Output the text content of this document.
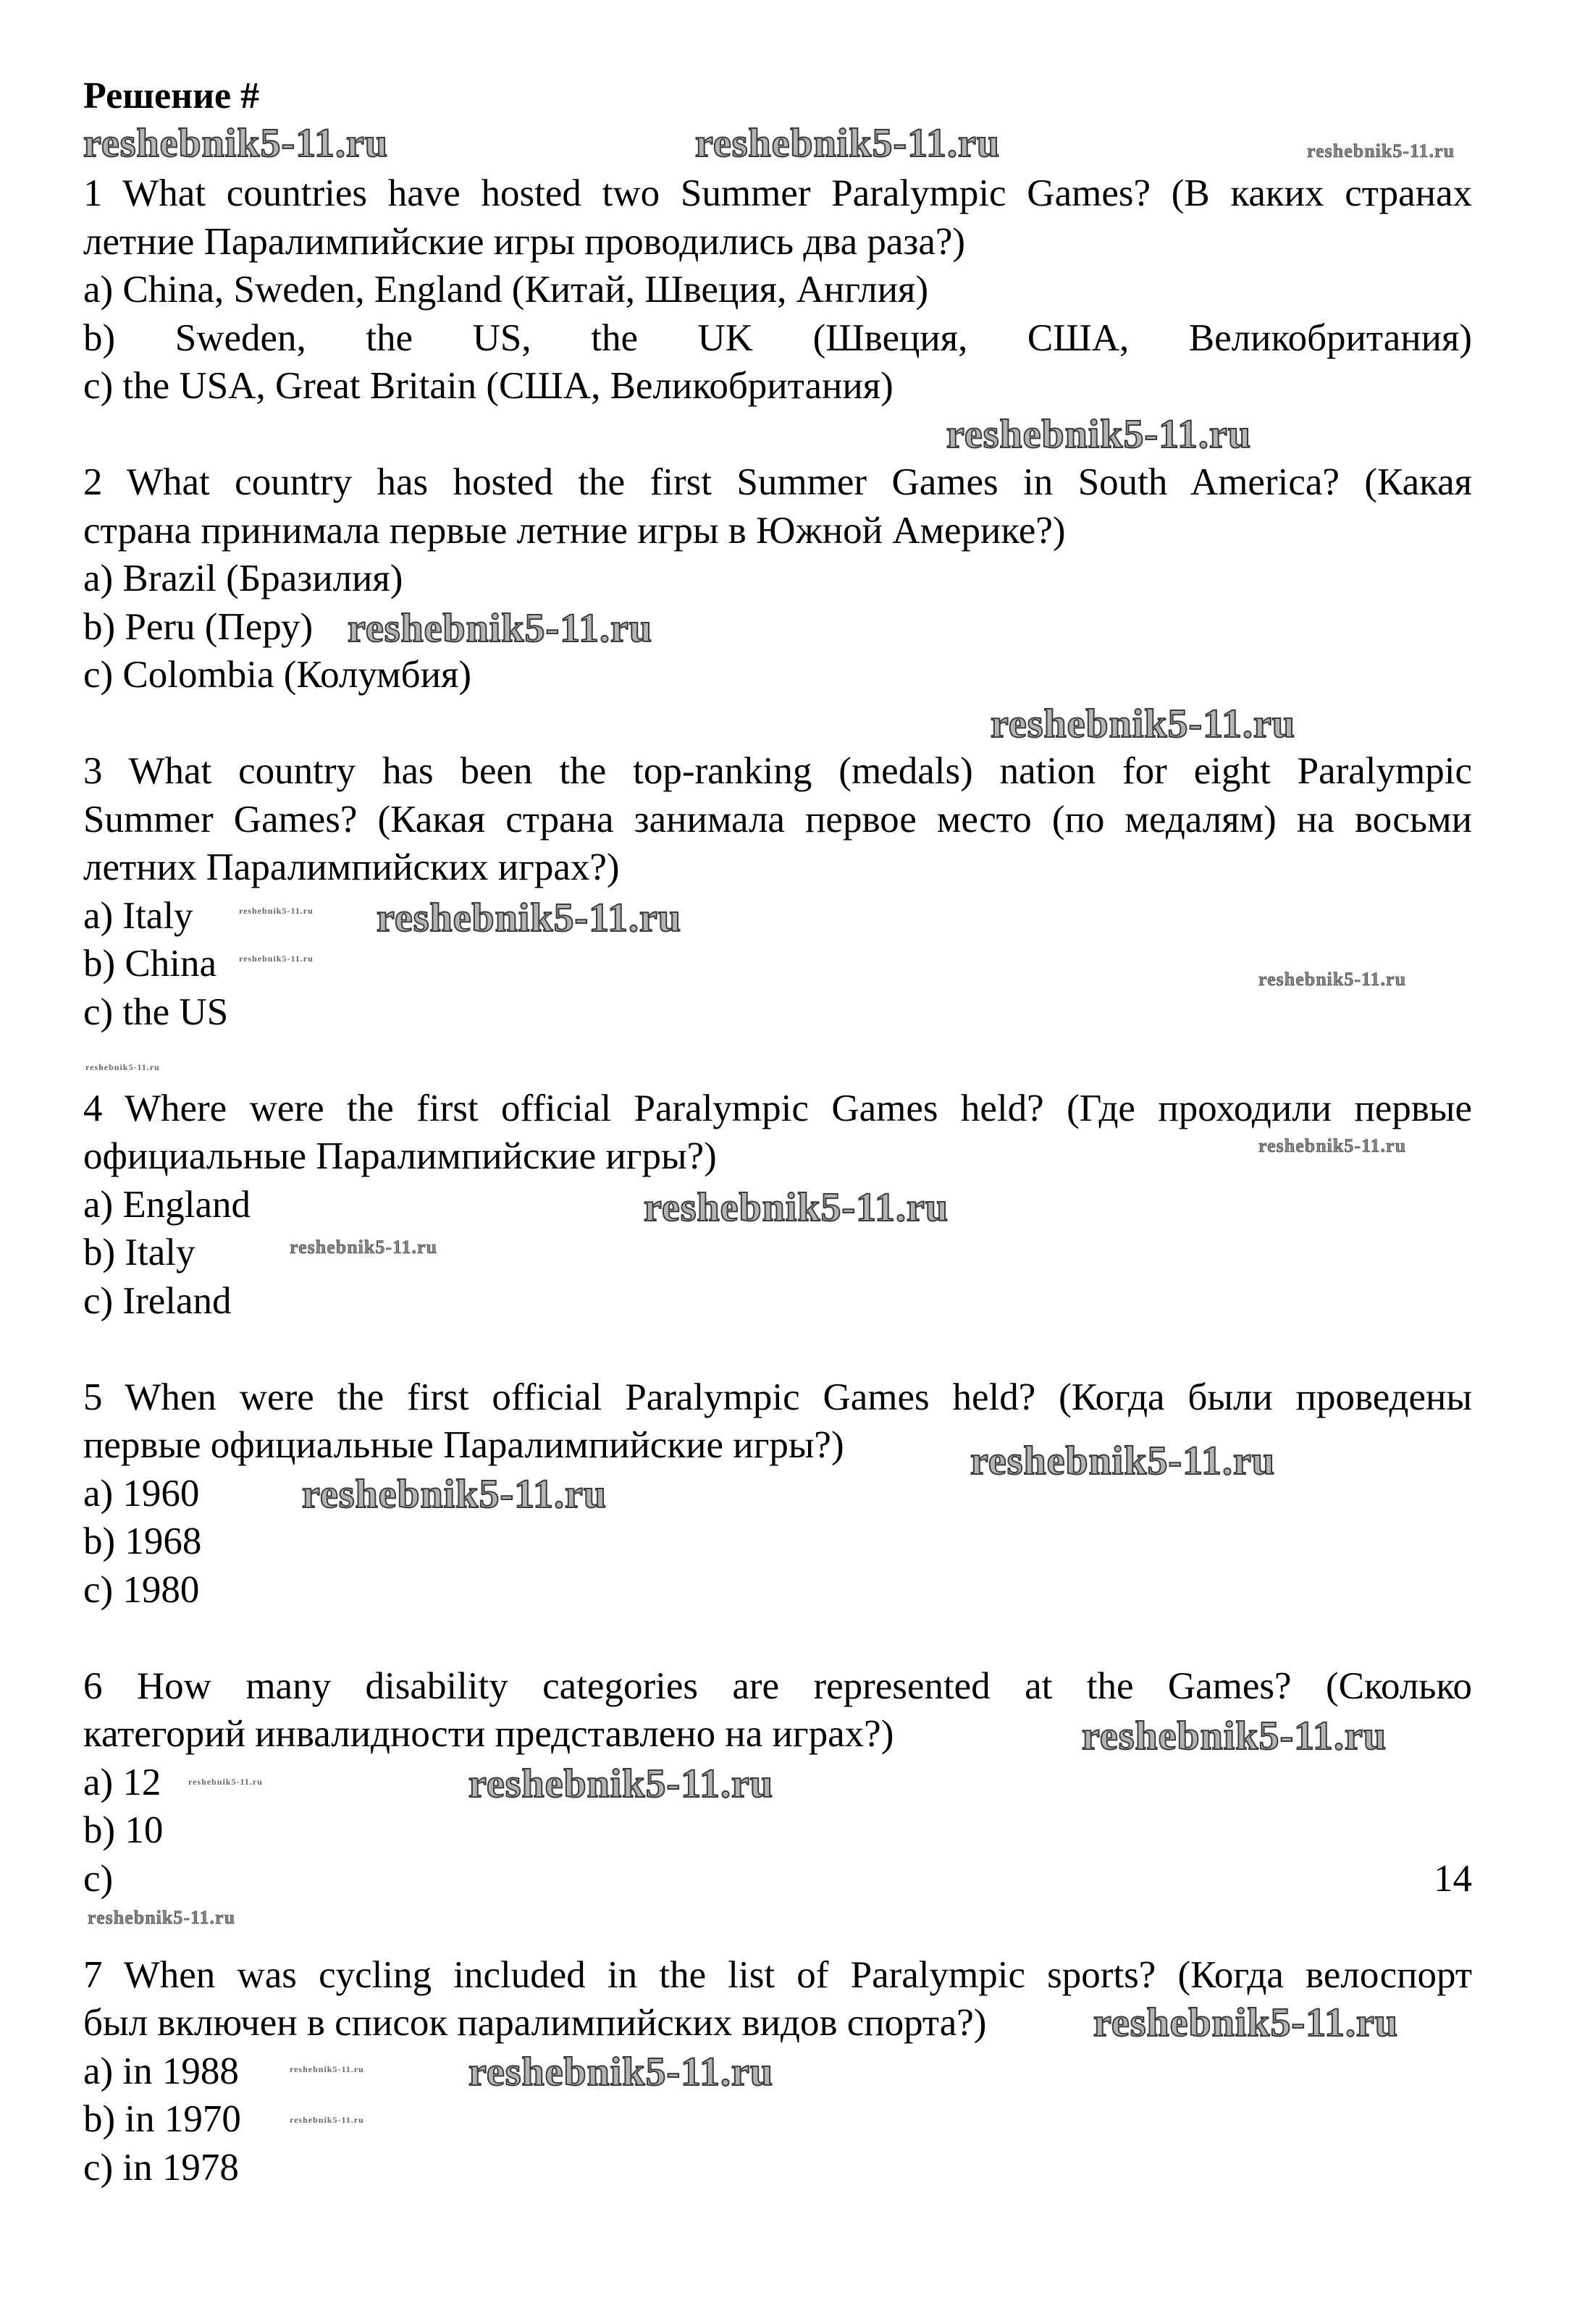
Решение #
1 What countries have hosted two Summer Paralympic Games? (В каких странах
летние Паралимпийские игры проводились два раза?)
a) China, Sweden, England (Китай, Швеция, Англия)
b) Sweden, the US, the UK (Швеция, США, Великобритания)
c) the USA, Great Britain (США, Великобритания)
2 What country has hosted the first Summer Games in South America? (Какая
страна принимала первые летние игры в Южной Америке?)
a) Brazil (Бразилия)
b) Peru (Перу)
c) Colombia (Колумбия)
3 What country has been the top-ranking (medals) nation for eight Paralympic
Summer Games? (Какая страна занимала первое место (по медалям) на восьми
летних Паралимпийских играх?)
a) Italy
b) China
c) the US
4 Where were the first official Paralympic Games held? (Где проходили первые
официальные Паралимпийские игры?)
a) England
b) Italy
c) Ireland
5 When were the first official Paralympic Games held? (Когда были проведены
первые официальные Паралимпийские игры?)
a) 1960
b) 1968
c) 1980
6 How many disability categories are represented at the Games? (Сколько
категорий инвалидности представлено на играх?)
a) 12
b) 10
c) 14
7 When was cycling included in the list of Paralympic sports? (Когда велоспорт
был включен в список паралимпийских видов спорта?)
a) in 1988
b) in 1970
c) in 1978
reshebnik5-11.ru	reshebnik5-11.ru	reshebnik5-11.ru
reshebnik5-11.ru
reshebnik5-11.ru
reshebnik5-11.ru
reshebnik5-11.ru reshebnik5-11.ru
reshebnik5-11.ru
reshebnik5-11.ru
reshebnik5-11.ru
reshebnik5-11.ru
reshebnik5-11.ru
reshebnik5-11.ru
reshebnik5-11.ru
reshebnik5-11.ru
reshebnik5-11.ru
reshebnik5-11.ru	reshebnik5-11.ru
reshebnik5-11.ru
reshebnik5-11.ru
reshebnik5-11.ru	reshebnik5-11.ru
reshebnik5-11.ru
